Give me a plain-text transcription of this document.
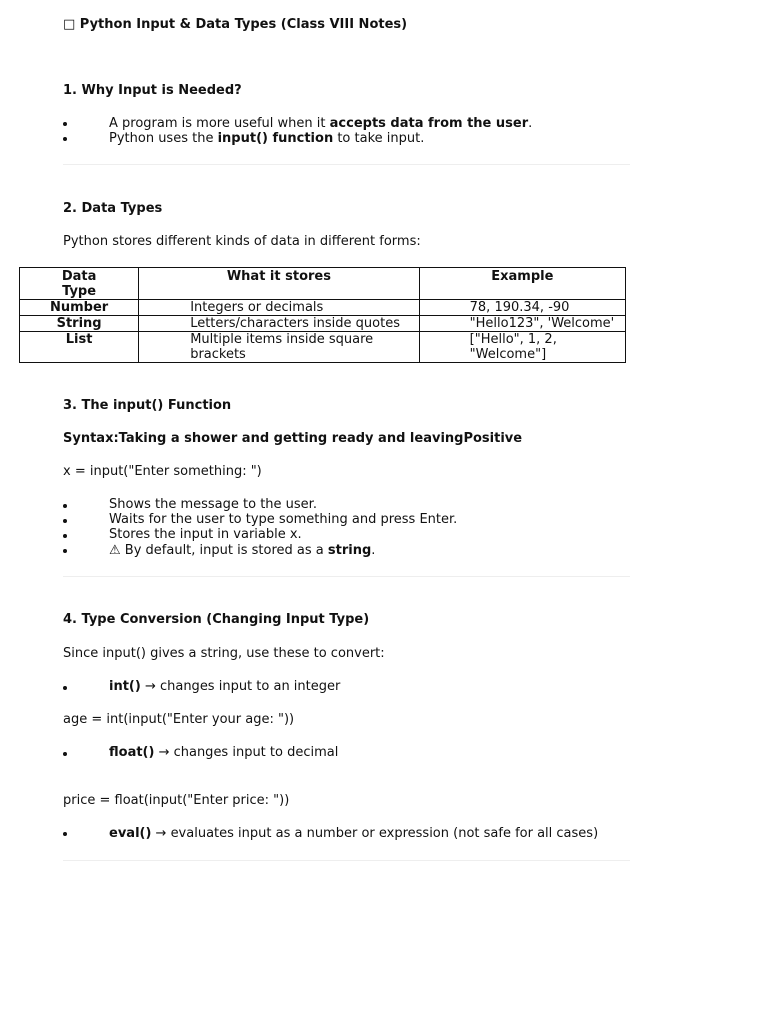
□ Python Input & Data Types (Class VIII Notes)
1. Why Input is Needed?
A program is more useful when it accepts data from the user.
Python uses the input() function to take input.
2. Data Types
Python stores different kinds of data in different forms:
Data Type	What it stores	Example
Number	Integers or decimals	78, 190.34, -90
String	Letters/characters inside quotes	"Hello123", 'Welcome'
List	Multiple items inside square brackets	["Hello", 1, 2, "Welcome"]
3. The input() Function
Syntax:Taking a shower and getting ready and leavingPositive
x = input("Enter something: ")
Shows the message to the user.
Waits for the user to type something and press Enter.
Stores the input in variable x.
⚠ By default, input is stored as a string.
4. Type Conversion (Changing Input Type)
Since input() gives a string, use these to convert:
int() → changes input to an integer
age = int(input("Enter your age: "))
float() → changes input to decimal
price = float(input("Enter price: "))
eval() → evaluates input as a number or expression (not safe for all cases)
